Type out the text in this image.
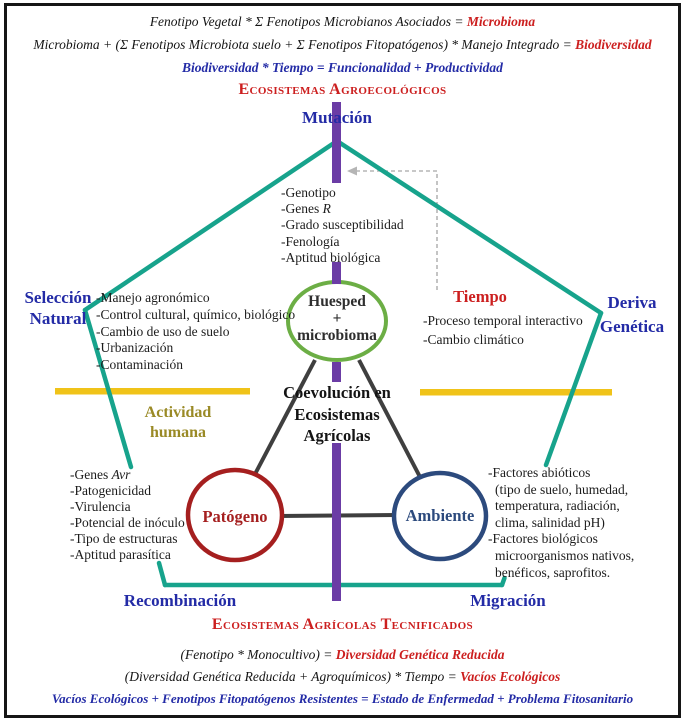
Fenotipo Vegetal * Σ Fenotipos Microbianos Asociados = Microbioma
Microbioma + (Σ Fenotipos Microbiota suelo + Σ Fenotipos Fitopatógenos) * Manejo Integrado = Biodiversidad
Biodiversidad * Tiempo = Funcionalidad + Productividad
Ecosistemas Agroecológicos
Mutación
Selección Natural
Deriva Genética
Recombinación	Migración
-Genotipo
-Genes R
-Grado susceptibilidad
-Fenología
-Aptitud biológica
-Manejo agronómico
-Control cultural, químico, biológico
-Cambio de uso de suelo
-Urbanización
-Contaminación
Tiempo
-Proceso temporal interactivo
-Cambio climático
Actividad humana
Coevolución en Ecosistemas Agrícolas
Huesped
+
microbioma
Patógeno	Ambiente
-Genes Avr
-Patogenicidad
-Virulencia
-Potencial de inóculo
-Tipo de estructuras
-Aptitud parasítica
-Factores abióticos
(tipo de suelo, humedad,
temperatura, radiación,
clima, salinidad pH)
-Factores biológicos
microorganismos nativos,
benéficos, saprofitos.
Ecosistemas Agrícolas Tecnificados
(Fenotipo * Monocultivo) = Diversidad Genética Reducida
(Diversidad Genética Reducida + Agroquímicos) * Tiempo = Vacíos Ecológicos
Vacíos Ecológicos + Fenotipos Fitopatógenos Resistentes = Estado de Enfermedad + Problema Fitosanitario
